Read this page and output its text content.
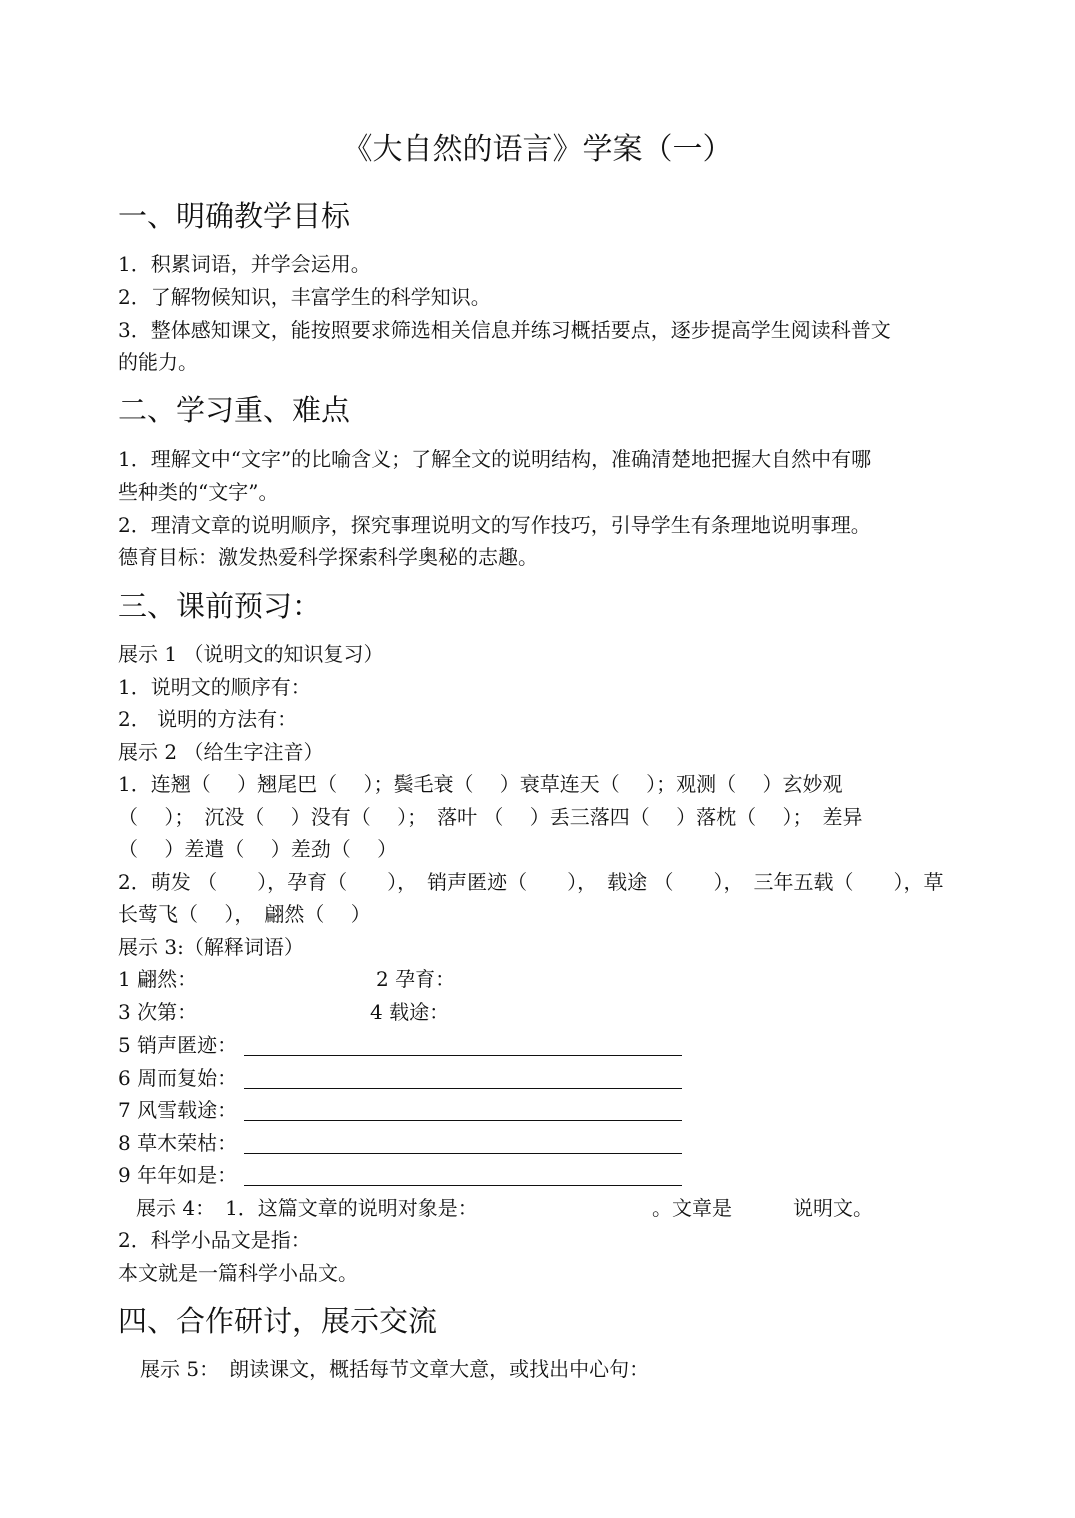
《大自然的语言》学案（一）
一、明确教学目标
1．积累词语，并学会运用。
2．了解物候知识，丰富学生的科学知识。
3．整体感知课文，能按照要求筛选相关信息并练习概括要点，逐步提高学生阅读科普文
的能力。
二、学习重、难点
1．理解文中“文字”的比喻含义；了解全文的说明结构，准确清楚地把握大自然中有哪
些种类的“文字”。
2．理清文章的说明顺序，探究事理说明文的写作技巧，引导学生有条理地说明事理。
德育目标：激发热爱科学探索科学奥秘的志趣。
三、课前预习：
展示 1 （说明文的知识复习）
1．说明文的顺序有：
2． 说明的方法有：
展示 2 （给生字注音）
1．连翘（　 ）翘尾巴（　 ）；鬓毛衰（　 ）衰草连天（　 ）；观测（　 ）玄妙观
（　 ）；　沉没（　 ）没有（　 ）；　落叶 （　 ）丢三落四（　 ）落枕（　 ）；　差异
（　 ）差遣（　 ）差劲（　 ）
2．萌发 （　　），孕育（　　），　销声匿迹（　　），　载途 （　　），　三年五载（　　），草
长莺飞（　 ），　翩然（　 ）
展示 3:（解释词语）
1 翩然：	2 孕育：
3 次第：	4 载途：
5 销声匿迹：
6 周而复始：
7 风雪载途：
8 草木荣枯：
9 年年如是：
展示 4：　1．这篇文章的说明对象是：	。文章是	说明文。
2．科学小品文是指：
本文就是一篇科学小品文。
四、合作研讨，展示交流
展示 5：　朗读课文，概括每节文章大意，或找出中心句：
